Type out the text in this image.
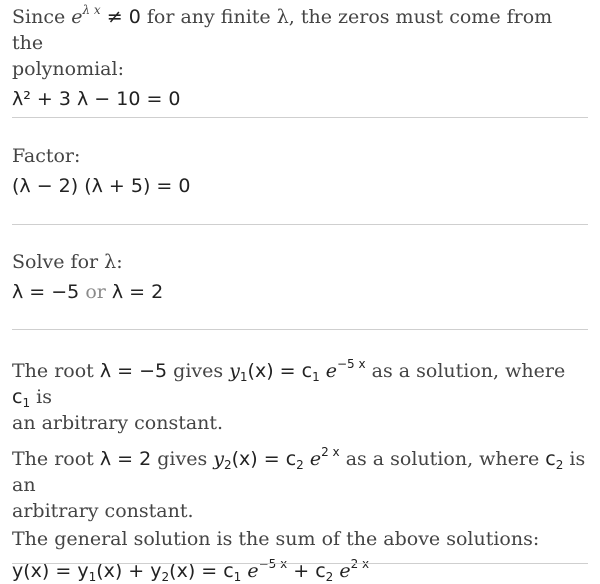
Since $e^{\lambda x} \ne 0$ for any finite λ, the zeros must come from the

polynomial:

λ² + 3 λ − 10 = 0

Factor:

(λ − 2) (λ + 5) = 0

Solve for λ:

λ = −5 or λ = 2

The root λ = −5 gives $y_1(x) = c_1$ $e^{-5 x}$ as a solution, where $c_1$ is

an arbitrary constant.

The root λ = 2 gives $y_2(x) = c_2$ $e^{2 x}$ as a solution, where $c_2$ is an

arbitrary constant.

The general solution is the sum of the above solutions:

$y(x) = y_1(x) + y_2(x) = c_1$ $e^{-5 x} + c_2$ $e^{2 x}$
